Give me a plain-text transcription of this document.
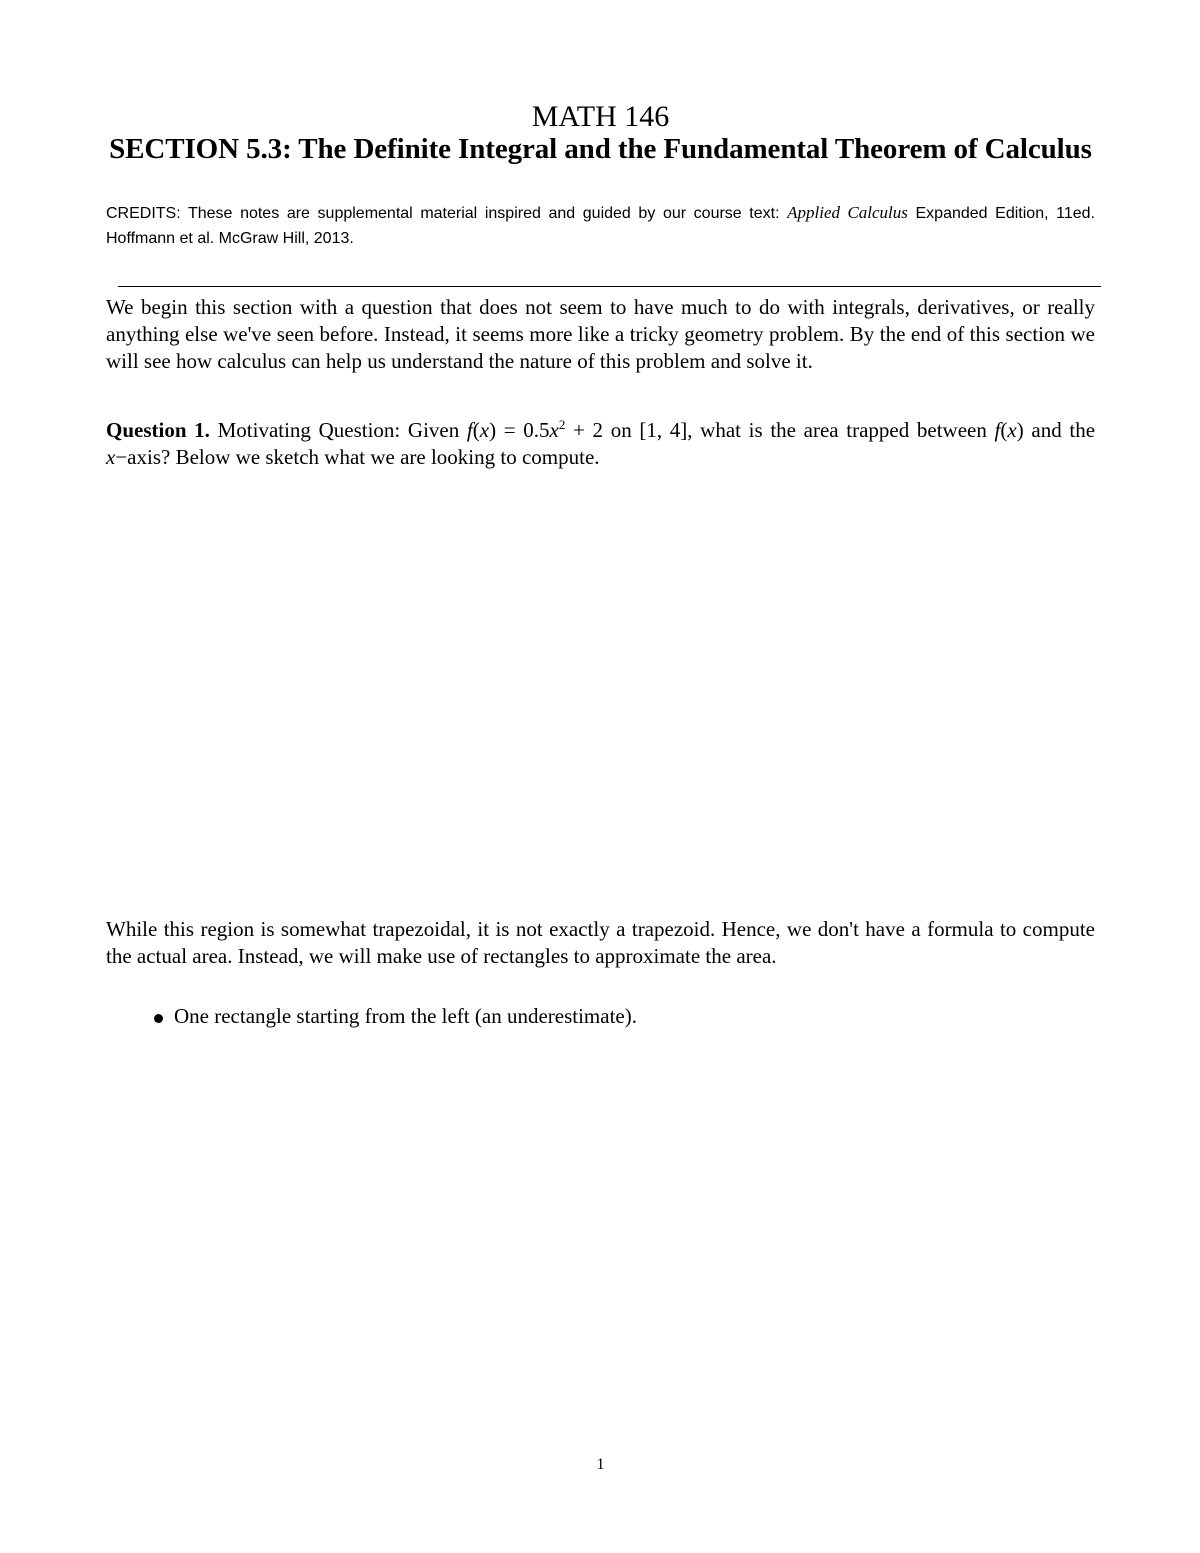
MATH 146
SECTION 5.3: The Definite Integral and the Fundamental Theorem of Calculus
CREDITS: These notes are supplemental material inspired and guided by our course text: Applied Calculus Expanded Edition, 11ed. Hoffmann et al. McGraw Hill, 2013.
We begin this section with a question that does not seem to have much to do with integrals, derivatives, or really anything else we've seen before. Instead, it seems more like a tricky geometry problem. By the end of this section we will see how calculus can help us understand the nature of this problem and solve it.
Question 1. Motivating Question: Given $f(x) = 0.5x^2 + 2$ on [1, 4], what is the area trapped between f(x) and the x−axis? Below we sketch what we are looking to compute.
While this region is somewhat trapezoidal, it is not exactly a trapezoid. Hence, we don't have a formula to compute the actual area. Instead, we will make use of rectangles to approximate the area.
One rectangle starting from the left (an underestimate).
1
